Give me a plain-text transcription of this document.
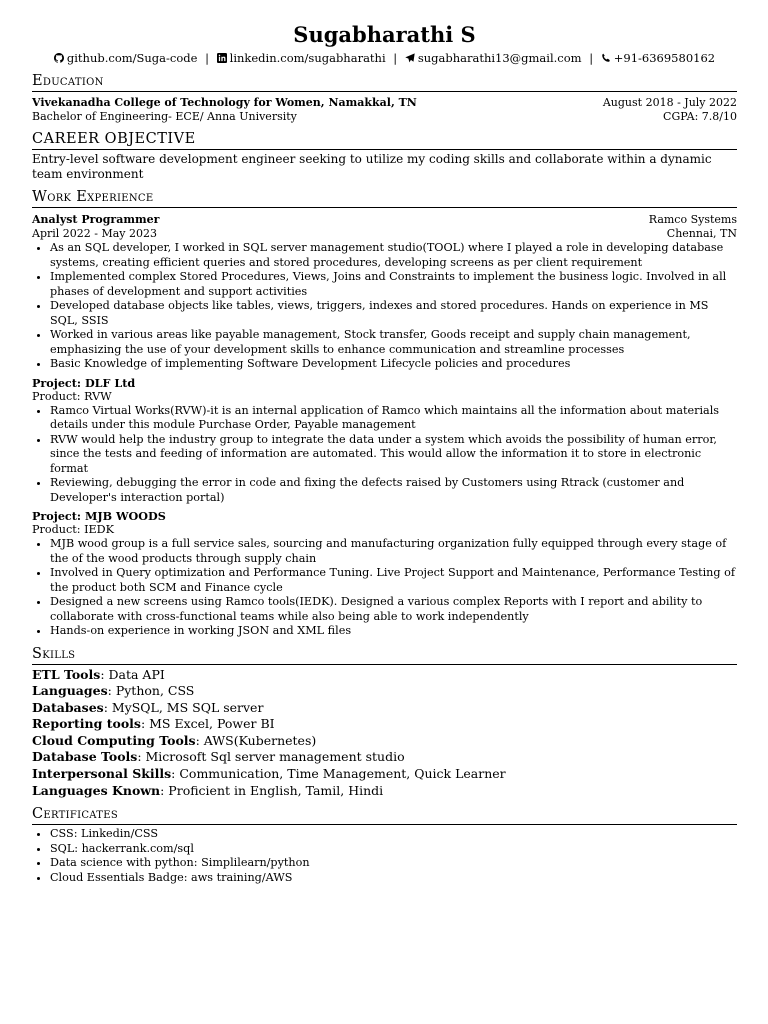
Sugabharathi S
github.com/Suga-code | linkedin.com/sugabharathi | sugabharathi13@gmail.com | +91-6369580162
Education
Vivekanadha College of Technology for Women, Namakkal, TN	August 2018 - July 2022
Bachelor of Engineering- ECE/ Anna University	CGPA: 7.8/10
CAREER OBJECTIVE
Entry-level software development engineer seeking to utilize my coding skills and collaborate within a dynamic team environment
Work Experience
Analyst Programmer	Ramco Systems
April 2022 - May 2023	Chennai, TN
• As an SQL developer, I worked in SQL server management studio(TOOL) where I played a role in developing database systems, creating efficient queries and stored procedures, developing screens as per client requirement
• Implemented complex Stored Procedures, Views, Joins and Constraints to implement the business logic. Involved in all phases of development and support activities
• Developed database objects like tables, views, triggers, indexes and stored procedures. Hands on experience in MS SQL, SSIS
• Worked in various areas like payable management, Stock transfer, Goods receipt and supply chain management, emphasizing the use of your development skills to enhance communication and streamline processes
• Basic Knowledge of implementing Software Development Lifecycle policies and procedures
Project: DLF Ltd
Product: RVW
• Ramco Virtual Works(RVW)-it is an internal application of Ramco which maintains all the information about materials details under this module Purchase Order, Payable management
• RVW would help the industry group to integrate the data under a system which avoids the possibility of human error, since the tests and feeding of information are automated. This would allow the information it to store in electronic format
• Reviewing, debugging the error in code and fixing the defects raised by Customers using Rtrack (customer and Developer's interaction portal)
Project: MJB WOODS
Product: IEDK
• MJB wood group is a full service sales, sourcing and manufacturing organization fully equipped through every stage of the of the wood products through supply chain
• Involved in Query optimization and Performance Tuning. Live Project Support and Maintenance, Performance Testing of the product both SCM and Finance cycle
• Designed a new screens using Ramco tools(IEDK). Designed a various complex Reports with I report and ability to collaborate with cross-functional teams while also being able to work independently
• Hands-on experience in working JSON and XML files
Skills
ETL Tools: Data API
Languages: Python, CSS
Databases: MySQL, MS SQL server
Reporting tools: MS Excel, Power BI
Cloud Computing Tools: AWS(Kubernetes)
Database Tools: Microsoft Sql server management studio
Interpersonal Skills: Communication, Time Management, Quick Learner
Languages Known: Proficient in English, Tamil, Hindi
Certificates
• CSS: Linkedin/CSS
• SQL: hackerrank.com/sql
• Data science with python: Simplilearn/python
• Cloud Essentials Badge: aws training/AWS
